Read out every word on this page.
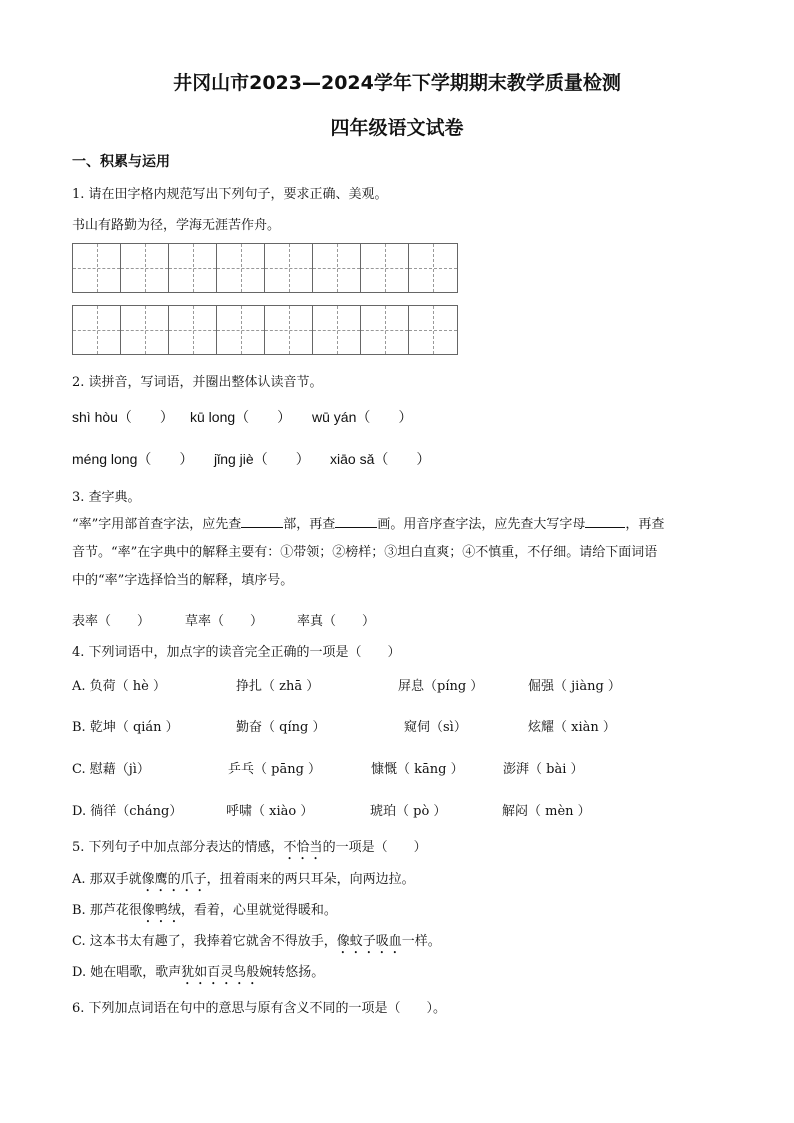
井冈山市2023—2024学年下学期期末教学质量检测
四年级语文试卷
一、积累与运用
1. 请在田字格内规范写出下列句子，要求正确、美观。
书山有路勤为径，学海无涯苦作舟。
2. 读拼音，写词语，并圈出整体认读音节。
shì hòu（　　） kū long（　　） wū yán（　　）
méng long（　　） jǐng jiè（　　） xiāo sǎ（　　）
3. 查字典。
“率”字用部首查字法，应先查	部，再查	画。用音序查字法，应先查大写字母	，再查
音节。“率”在字典中的解释主要有：①带领；②榜样；③坦白直爽；④不慎重，不仔细。请给下面词语
中的“率”字选择恰当的解释，填序号。
表率（　　）	草率（　　）	率真（　　）
4. 下列词语中，加点字的读音完全正确的一项是（　　）
A. 负荷（ hè ）	挣扎（ zhā ）	屏息（píng ）	倔强（ jiàng ）
B. 乾坤（ qián ）	勤奋（ qíng ）	窥伺（sì）	炫耀（ xiàn ）
C. 慰藉（jì）	乒乓（ pāng ）	慷慨（ kāng ）	澎湃（ bài ）
D. 徜徉（cháng）	呼啸（ xiào ）	琥珀（ pò ）	解闷（ mèn ）
5. 下列句子中加点部分表达的情感，不恰当的一项是（　　）
A. 那双手就像鹰的爪子，扭着雨来的两只耳朵，向两边拉。
B. 那芦花很像鸭绒，看着，心里就觉得暖和。
C. 这本书太有趣了，我捧着它就舍不得放手，像蚊子吸血一样。
D. 她在唱歌，歌声犹如百灵鸟般婉转悠扬。
6. 下列加点词语在句中的意思与原有含义不同的一项是（　　）。
